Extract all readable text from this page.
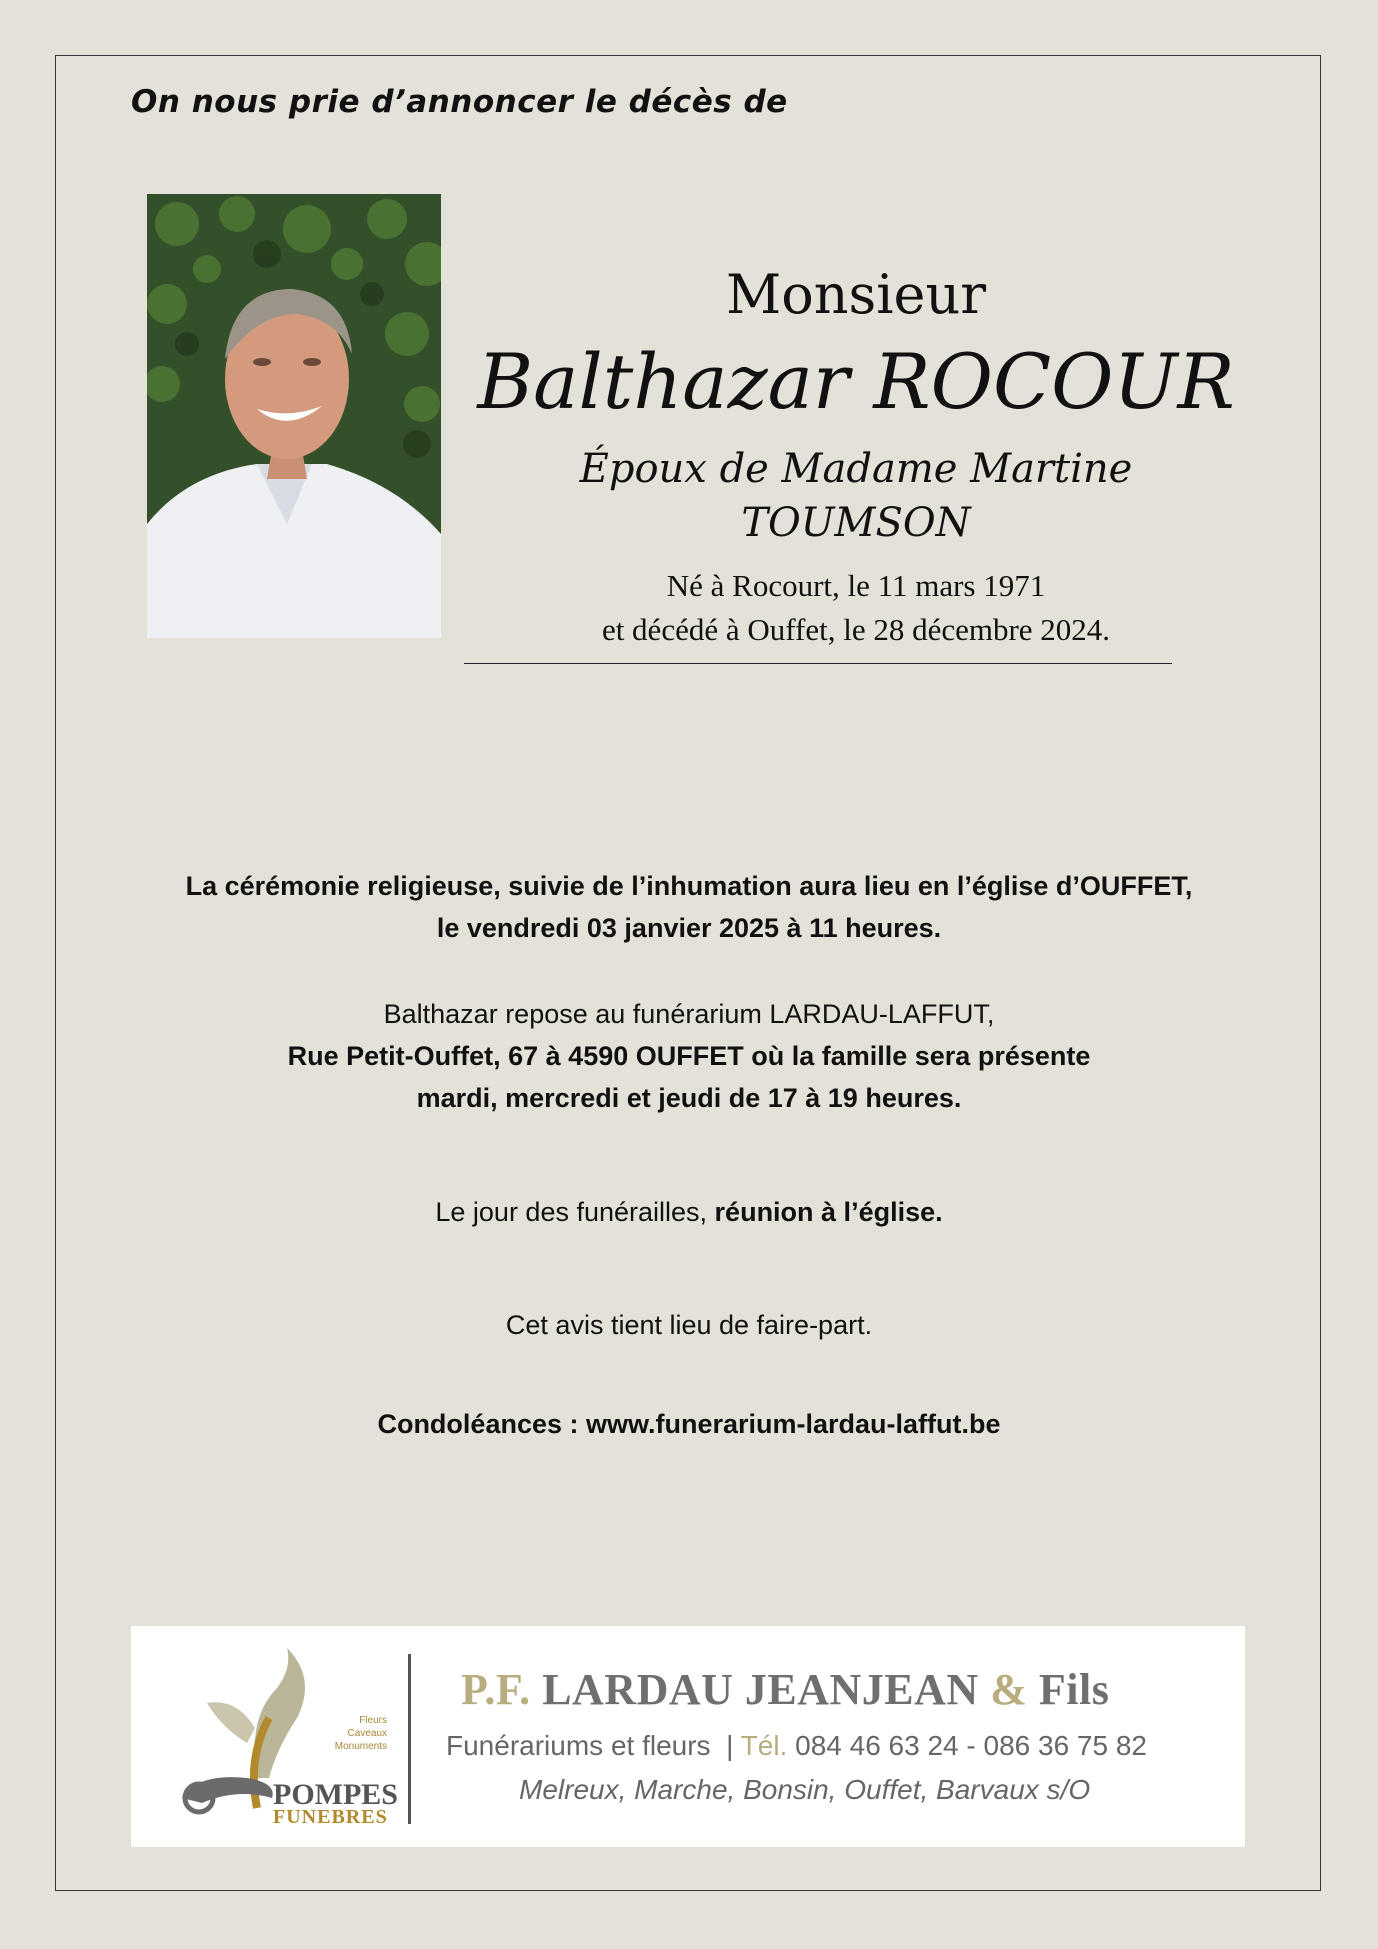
On nous prie d’annoncer le décès de
Monsieur
Balthazar ROCOUR
Époux de Madame Martine TOUMSON
Né à Rocourt, le 11 mars 1971
et décédé à Ouffet, le 28 décembre 2024.
La cérémonie religieuse, suivie de l’inhumation aura lieu en l’église d’OUFFET,
le vendredi 03 janvier 2025 à 11 heures.
Balthazar repose au funérarium LARDAU-LAFFUT,
Rue Petit-Ouffet, 67 à 4590 OUFFET où la famille sera présente
mardi, mercredi et jeudi de 17 à 19 heures.
Le jour des funérailles, réunion à l’église.
Cet avis tient lieu de faire-part.
Condoléances : www.funerarium-lardau-laffut.be
Fleurs
Caveaux
Monuments
POMPES
FUNEBRES
P.F. LARDAU JEANJEAN & Fils
Funérariums et fleurs  | Tél. 084 46 63 24 - 086 36 75 82
Melreux, Marche, Bonsin, Ouffet, Barvaux s/O
